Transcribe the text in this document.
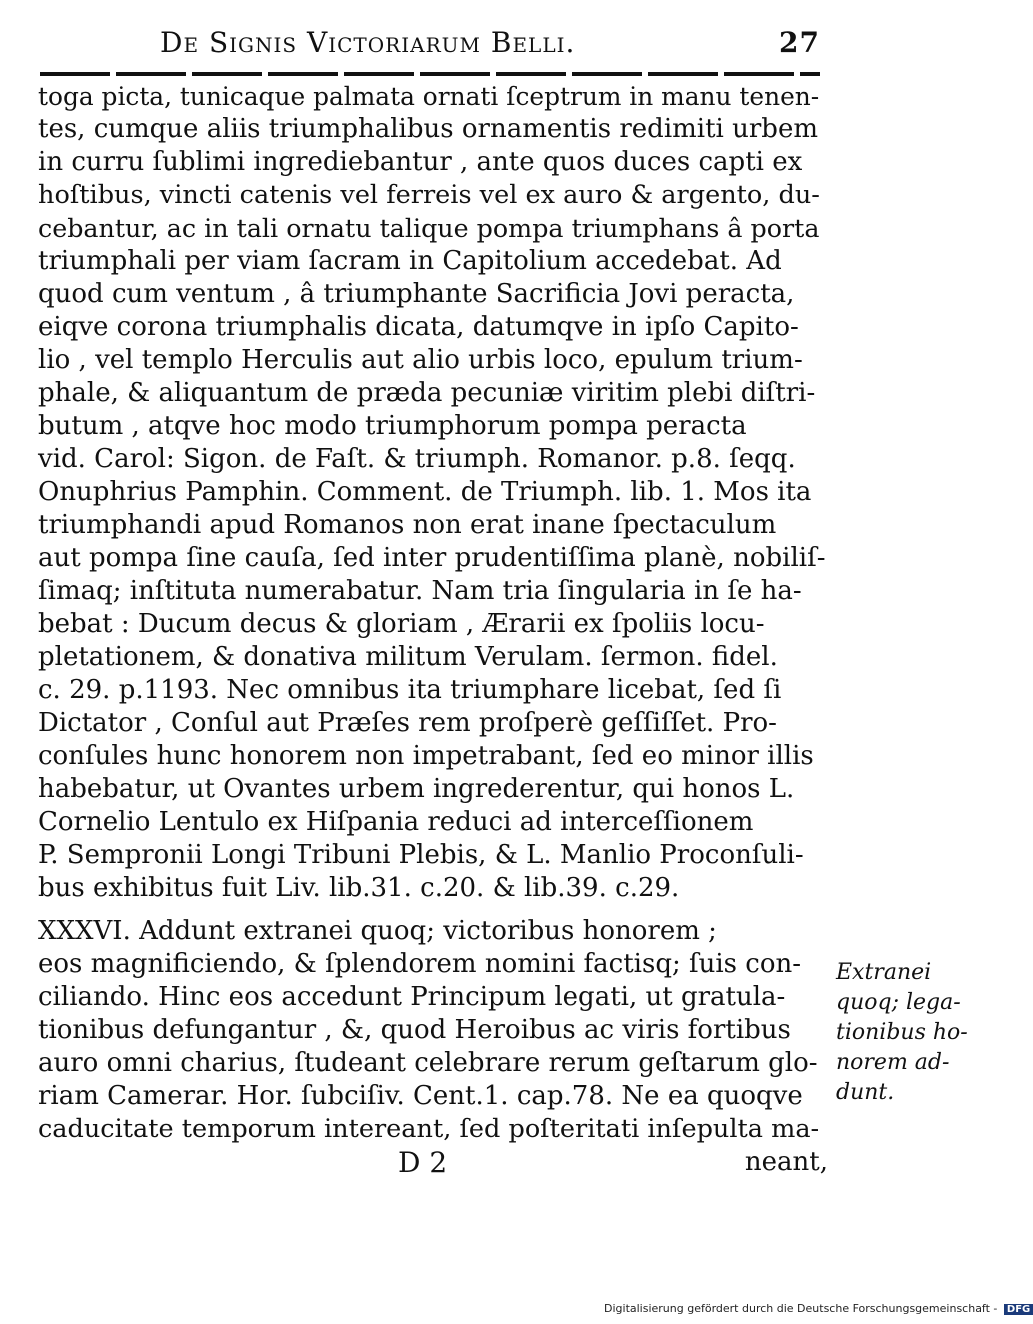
De Signis Victoriarum Belli.	27
toga picta, tunicaque palmata ornati ſceptrum in manu tenen-
tes, cumque aliis triumphalibus ornamentis redimiti urbem
in curru ſublimi ingrediebantur , ante quos duces capti ex
hoſtibus, vincti catenis vel ferreis vel ex auro & argento, du-
cebantur, ac in tali ornatu talique pompa triumphans â porta
triumphali per viam ſacram in Capitolium accedebat. Ad
quod cum ventum , â triumphante Sacrificia Jovi peracta,
eiqve corona triumphalis dicata, datumqve in ipſo Capito-
lio , vel templo Herculis aut alio urbis loco, epulum trium-
phale, & aliquantum de præda pecuniæ viritim plebi diſtri-
butum , atqve hoc modo triumphorum pompa peracta
vid. Carol: Sigon. de Faſt. & triumph. Romanor. p.8. ſeqq.
Onuphrius Pamphin. Comment. de Triumph. lib. 1. Mos ita
triumphandi apud Romanos non erat inane ſpectaculum
aut pompa ſine cauſa, ſed inter prudentiſſima planè, nobiliſ-
ſimaq; inſtituta numerabatur. Nam tria ſingularia in ſe ha-
bebat : Ducum decus & gloriam , Ærarii ex ſpoliis locu-
pletationem, & donativa militum Verulam. ſermon. fidel.
c. 29. p.1193. Nec omnibus ita triumphare licebat, ſed ſi
Dictator , Conſul aut Præſes rem proſperè geſſiſſet. Pro-
conſules hunc honorem non impetrabant, ſed eo minor illis
habebatur, ut Ovantes urbem ingrederentur, qui honos L.
Cornelio Lentulo ex Hiſpania reduci ad interceſſionem
P. Sempronii Longi Tribuni Plebis, & L. Manlio Proconſuli-
bus exhibitus fuit Liv. lib.31. c.20. & lib.39. c.29.
XXXVI. Addunt extranei quoq; victoribus honorem ;
eos magnificiendo, & ſplendorem nomini factisq; ſuis con-
ciliando. Hinc eos accedunt Principum legati, ut gratula-
tionibus defungantur , &, quod Heroibus ac viris fortibus
auro omni charius, ſtudeant celebrare rerum geſtarum glo-
riam Camerar. Hor. ſubciſiv. Cent.1. cap.78. Ne ea quoqve
caducitate temporum intereant, ſed poſteritati inſepulta ma-
D 2	neant,
Extranei
quoq; lega-
tionibus ho-
norem ad-
dunt.
Digitalisierung gefördert durch die Deutsche Forschungsgemeinschaft - DFG
